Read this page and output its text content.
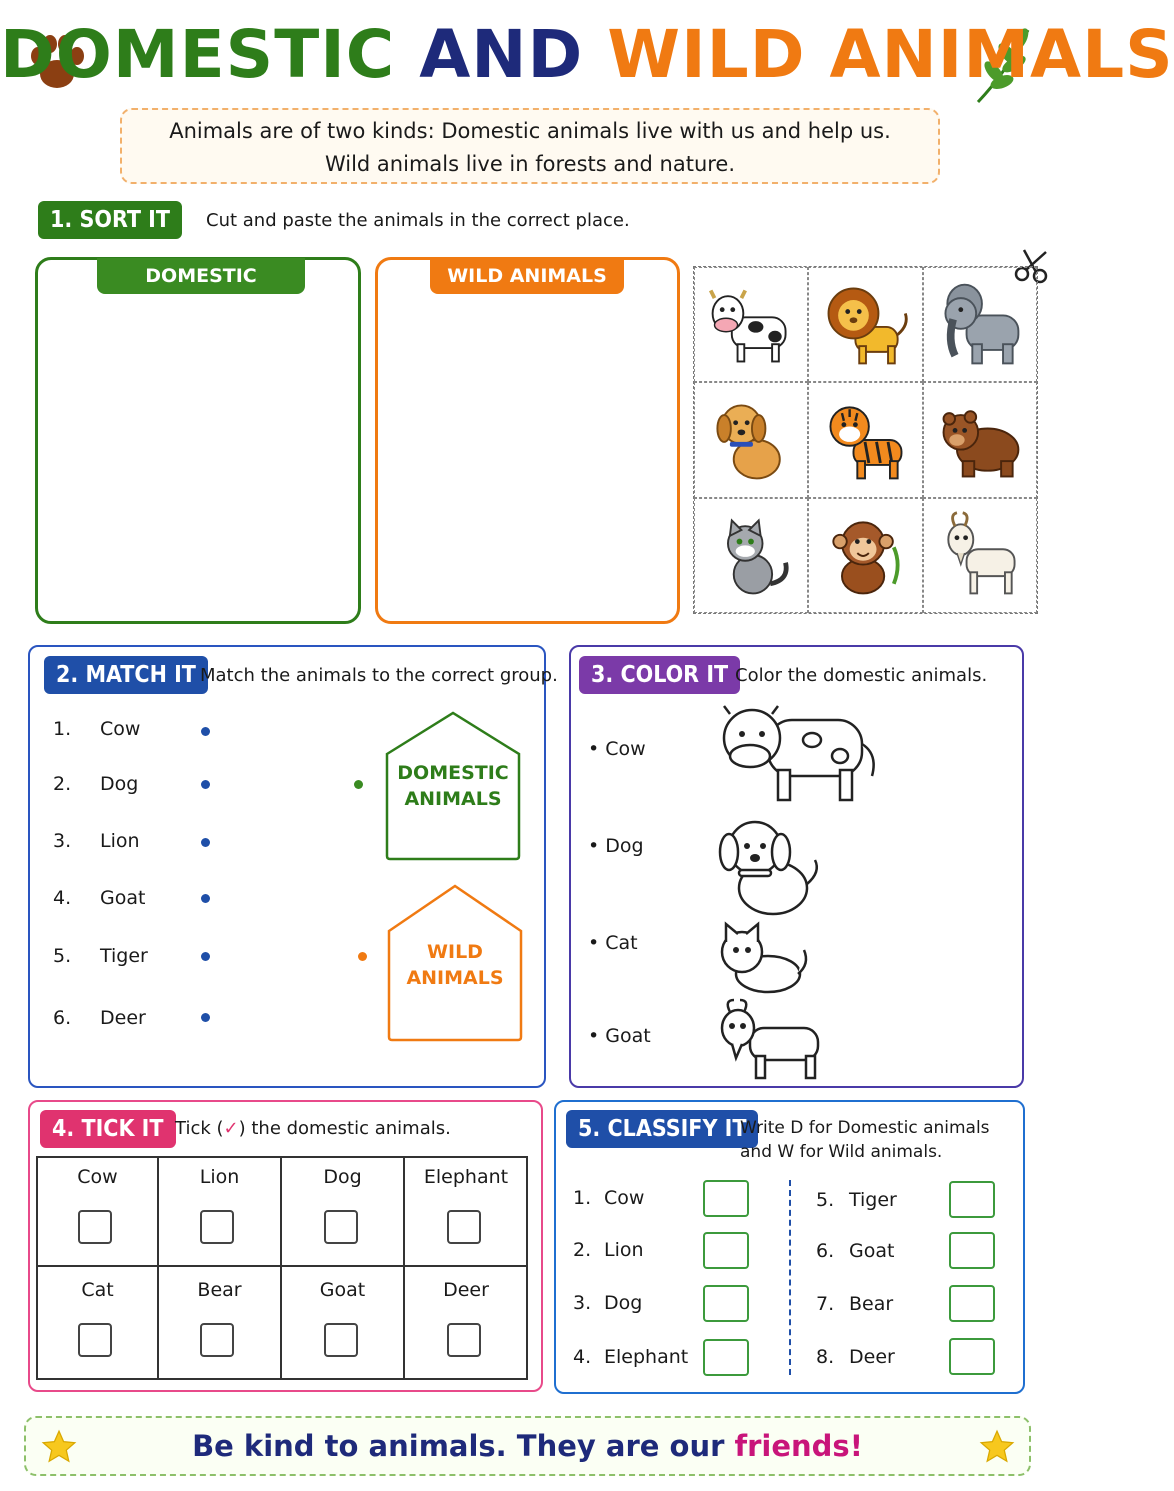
DOMESTIC AND WILD ANIMALS
Animals are of two kinds: Domestic animals live with us and help us.
Wild animals live in forests and nature.
1. SORT IT	Cut and paste the animals in the correct place.
DOMESTIC ANIMALS
WILD ANIMALS
2. MATCH IT Match the animals to the correct group.
1. Cow
2. Dog
3. Lion
4. Goat
5. Tiger
6. Deer
DOMESTIC
ANIMALS
WILD
ANIMALS
3. COLOR IT Color the domestic animals.
• Cow
• Dog
• Cat
• Goat
4. TICK IT Tick (✓) the domestic animals.
Cow	Lion	Dog	Elephant
Cat	Bear	Goat	Deer
5. CLASSIFY IT
Write D for Domestic animals
and W for Wild animals.
1. Cow
2. Lion
3. Dog
4. Elephant
5. Tiger
6. Goat
7. Bear
8. Deer
Be kind to animals. They are our friends!
